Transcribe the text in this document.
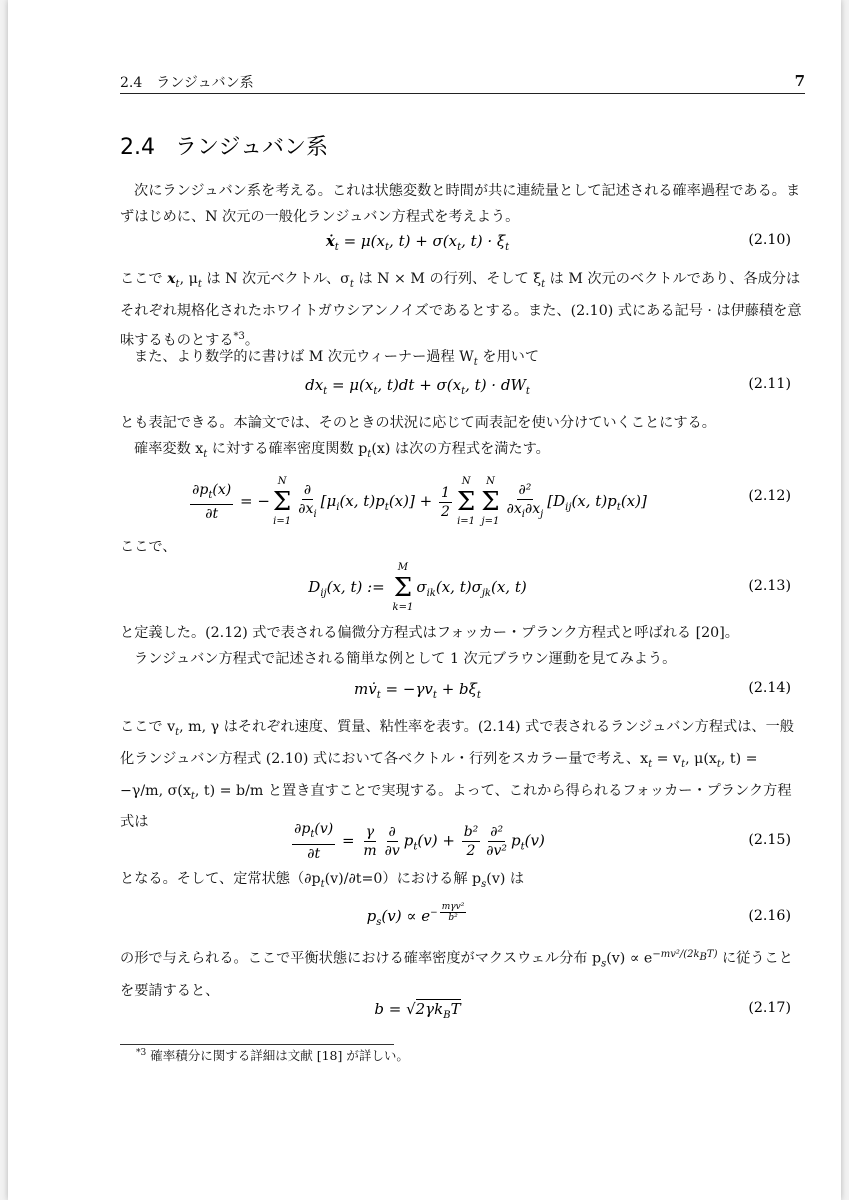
2.4　ランジュバン系	7
2.4 ランジュバン系
次にランジュバン系を考える。これは状態変数と時間が共に連続量として記述される確率過程である。まずはじめに、N 次元の一般化ランジュバン方程式を考えよう。
ẋ$_t$ = $\mu(x_t$, $t) + \sigma(x_t$, $t) \cdot \xi_t$	(2.10)
ここで $x_t$, $\mu_t$ は N 次元ベクトル、$\sigma_t$ は N × M の行列、そして $\xi_t$ は M 次元のベクトルであり、各成分はそれぞれ規格化されたホワイトガウシアンノイズであるとする。また、(2.10) 式にある記号 · は伊藤積を意味するものとする$^{*3}$。
また、より数学的に書けば M 次元ウィーナー過程 $W_t$ を用いて
$dx_t = \mu(x_t$, $t)dt + \sigma(x_t$, $t) \cdot dW_t$	(2.11)
とも表記できる。本論文では、そのときの状況に応じて両表記を使い分けていくことにする。
確率変数 $x_t$ に対する確率密度関数 $p_t(x)$ は次の方程式を満たす。
$\frac{\partial p_t(x)}{\partial t}$ = −
N
Σ
$i=1 \frac{\partial}{\partial x_i} [\mu_i(x$, $t)p_t(x)] + \frac{1}{2}$
N
Σ
i=1
N
Σ
$j=1 \frac{\text{∂²}}{\partial x_i\partial x_j} [D_{ij}(x$, $t)p_t(x)$]	(2.12)
ここで、
$D_{ij}(x$, t) :=
M
Σ
k=1
$\sigma_{ik}(x$, $t)\sigma_{jk}(x$, t)	(2.13)
と定義した。(2.12) 式で表される偏微分方程式はフォッカー・プランク方程式と呼ばれる [20]。
ランジュバン方程式で記述される簡単な例として 1 次元ブラウン運動を見てみよう。
$mv̇_t = -\gamma v_t + b\xi_t$	(2.14)
ここで $v_t$, m, γ はそれぞれ速度、質量、粘性率を表す。(2.14) 式で表されるランジュバン方程式は、一般化ランジュバン方程式 (2.10) 式において各ベクトル・行列をスカラー量で考え、$x_t = v_t$, $\mu(x_t$, t) = −γ/m, $\sigma(x_t$, t) = b/m と置き直すことで実現する。よって、これから得られるフォッカー・プランク方程式は	$\frac{\partial p_t(v)}{\partial t} = \frac{\gamma}{m} \frac{\partial}{\partial v} p_t(v) + \frac{\text{b²}}{2} \frac{\text{∂²}}{\text{∂v²}} p_t(v)$	(2.15)
となる。そして、定常状態$(\partial p_t(v)/\partial t=0)$における解 $p_s(v)$ は
$p_s(v) \propto e^{- \frac{\text{mγv²}}{\text{b²}}}$	(2.16)
の形で与えられる。ここで平衡状態における確率密度がマクスウェル分布 $p_s(v) \propto e^{-mv^2/(2k_BT)}$ に従うことを要請すると、
$b = √2\gamma k_BT$	(2.17)
$^{*3}$ 確率積分に関する詳細は文献 [18] が詳しい。
